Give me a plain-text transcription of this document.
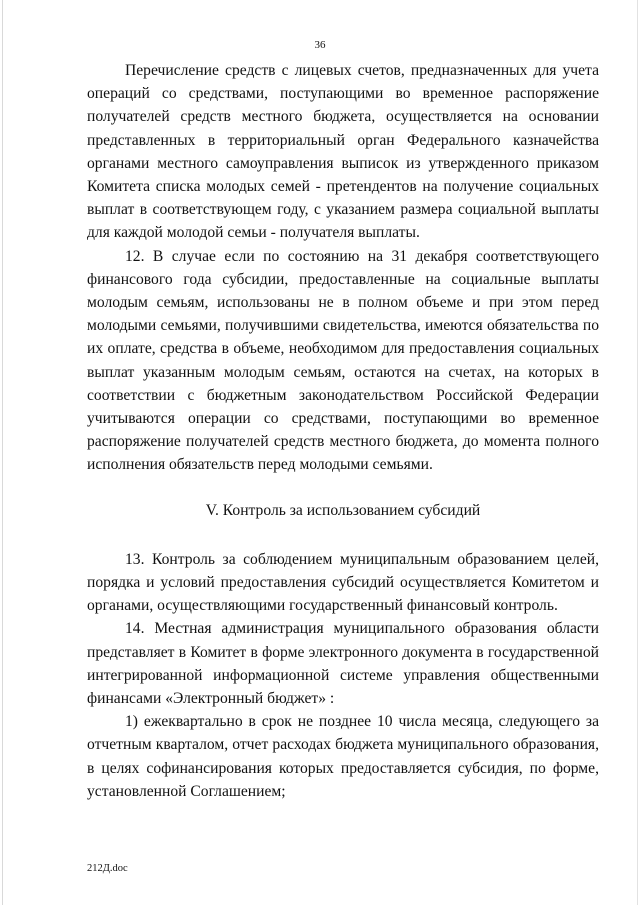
36

Перечисление средств с лицевых счетов, предназначенных для учета операций со средствами, поступающими во временное распоряжение получателей средств местного бюджета, осуществляется на основании представленных в территориальный орган Федерального казначейства органами местного самоуправления выписок из утвержденного приказом Комитета списка молодых семей - претендентов на получение социальных выплат в соответствующем году, с указанием размера социальной выплаты для каждой молодой семьи - получателя выплаты.

12. В случае если по состоянию на 31 декабря соответствующего финансового года субсидии, предоставленные на социальные выплаты молодым семьям, использованы не в полном объеме и при этом перед молодыми семьями, получившими свидетельства, имеются обязательства по их оплате, средства в объеме, необходимом для предоставления социальных выплат указанным молодым семьям, остаются на счетах, на которых в соответствии с бюджетным законодательством Российской Федерации учитываются операции со средствами, поступающими во временное распоряжение получателей средств местного бюджета, до момента полного исполнения обязательств перед молодыми семьями.

V. Контроль за использованием субсидий

13. Контроль за соблюдением муниципальным образованием целей, порядка и условий предоставления субсидий осуществляется Комитетом и органами, осуществляющими государственный финансовый контроль.

14. Местная администрация муниципального образования области представляет в Комитет в форме электронного документа в государственной интегрированной информационной системе управления общественными финансами «Электронный бюджет» :

1) ежеквартально в срок не позднее 10 числа месяца, следующего за отчетным кварталом, отчет расходах бюджета муниципального образования, в целях софинансирования которых предоставляется субсидия, по форме, установленной Соглашением;

212Д.doc
